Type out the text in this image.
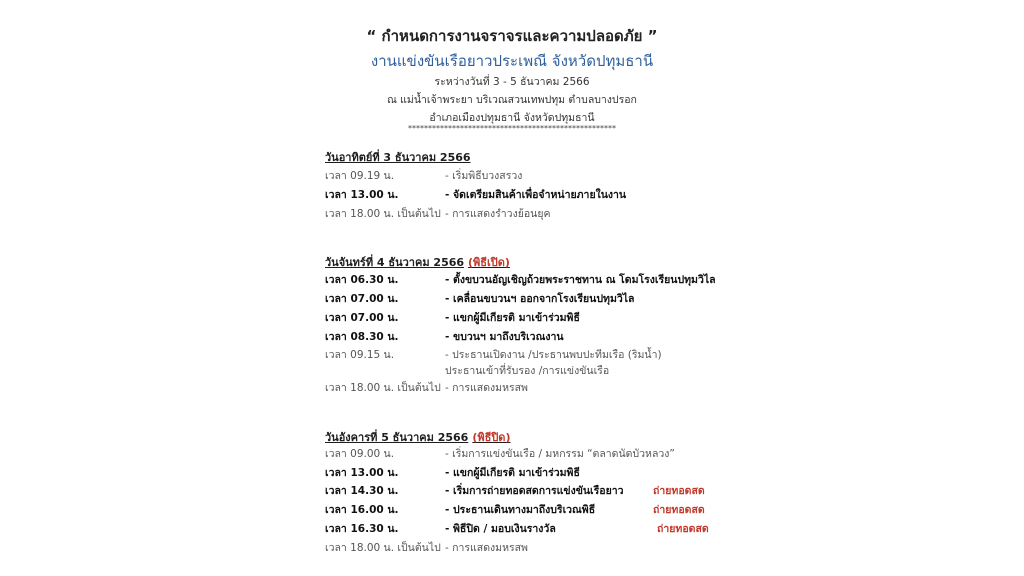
“ กำหนดการงานจราจรและความปลอดภัย ”
งานแข่งขันเรือยาวประเพณี จังหวัดปทุมธานี
ระหว่างวันที่ 3 - 5 ธันวาคม 2566
ณ แม่น้ำเจ้าพระยา บริเวณสวนเทพปทุม ตำบลบางปรอก
อำเภอเมืองปทุมธานี จังหวัดปทุมธานี
****************************************************
วันอาทิตย์ที่ 3 ธันวาคม 2566
เวลา 09.19 น.	- เริ่มพิธีบวงสรวง
เวลา 13.00 น.	- จัดเตรียมสินค้าเพื่อจำหน่ายภายในงาน
เวลา 18.00 น. เป็นต้นไป - การแสดงรำวงย้อนยุค
วันจันทร์ที่ 4 ธันวาคม 2566 (พิธีเปิด)
เวลา 06.30 น.	- ตั้งขบวนอัญเชิญถ้วยพระราชทาน ณ โดมโรงเรียนปทุมวิไล
เวลา 07.00 น.	- เคลื่อนขบวนฯ ออกจากโรงเรียนปทุมวิไล
เวลา 07.00 น.	- แขกผู้มีเกียรติ มาเข้าร่วมพิธี
เวลา 08.30 น.	- ขบวนฯ มาถึงบริเวณงาน
เวลา 09.15 น.	- ประธานเปิดงาน /ประธานพบปะทีมเรือ (ริมน้ำ)
ประธานเข้าที่รับรอง /การแข่งขันเรือ
เวลา 18.00 น. เป็นต้นไป - การแสดงมหรสพ
วันอังคารที่ 5 ธันวาคม 2566 (พิธีปิด)
เวลา 09.00 น.	- เริ่มการแข่งขันเรือ / มหกรรม “ตลาดนัดบัวหลวง”
เวลา 13.00 น.	- แขกผู้มีเกียรติ มาเข้าร่วมพิธี
เวลา 14.30 น.	- เริ่มการถ่ายทอดสดการแข่งขันเรือยาว	ถ่ายทอดสด
เวลา 16.00 น.	- ประธานเดินทางมาถึงบริเวณพิธี	ถ่ายทอดสด
เวลา 16.30 น.	- พิธีปิด / มอบเงินรางวัล	ถ่ายทอดสด
เวลา 18.00 น. เป็นต้นไป - การแสดงมหรสพ
